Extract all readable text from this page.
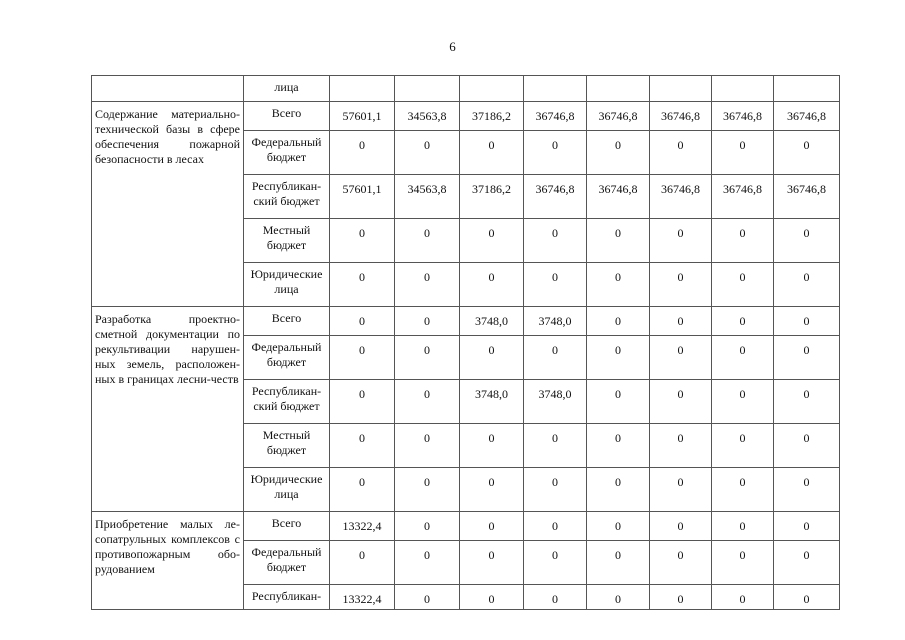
6
	лица								
Содержание материально-технической базы в сфере обеспечения пожарной безопасности в лесах	Всего	57601,1	34563,8	37186,2	36746,8	36746,8	36746,8	36746,8	36746,8
	Федеральный бюджет	0	0	0	0	0	0	0	0
	Республикан-ский бюджет	57601,1	34563,8	37186,2	36746,8	36746,8	36746,8	36746,8	36746,8
	Местный бюджет	0	0	0	0	0	0	0	0
	Юридические лица	0	0	0	0	0	0	0	0
Разработка проектно-сметной документации по рекультивации нарушен-ных земель, расположен-ных в границах лесни-честв	Всего	0	0	3748,0	3748,0	0	0	0	0
	Федеральный бюджет	0	0	0	0	0	0	0	0
	Республикан-ский бюджет	0	0	3748,0	3748,0	0	0	0	0
	Местный бюджет	0	0	0	0	0	0	0	0
	Юридические лица	0	0	0	0	0	0	0	0
Приобретение малых ле-сопатрульных комплексов с противопожарным обо-рудованием	Всего	13322,4	0	0	0	0	0	0	0
	Федеральный бюджет	0	0	0	0	0	0	0	0
	Республикан-	13322,4	0	0	0	0	0	0	0
